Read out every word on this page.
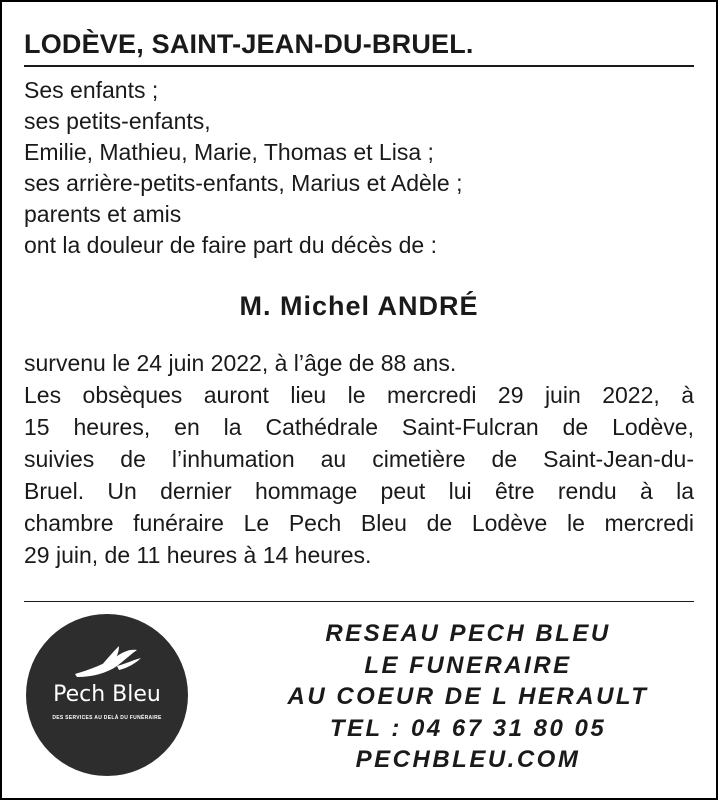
LODÈVE, SAINT-JEAN-DU-BRUEL.
Ses enfants ;
ses petits-enfants,
Emilie, Mathieu, Marie, Thomas et Lisa ;
ses arrière-petits-enfants, Marius et Adèle ;
parents et amis
ont la douleur de faire part du décès de :
M. Michel ANDRÉ
survenu le 24 juin 2022, à l’âge de 88 ans.
Les obsèques auront lieu le mercredi 29 juin 2022, à
15 heures, en la Cathédrale Saint-Fulcran de Lodève,
suivies de l’inhumation au cimetière de Saint-Jean-du-
Bruel. Un dernier hommage peut lui être rendu à la
chambre funéraire Le Pech Bleu de Lodève le mercredi
29 juin, de 11 heures à 14 heures.
Pech Bleu
DES SERVICES AU DELÀ DU FUNÉRAIRE
RESEAU PECH BLEU
LE FUNERAIRE
AU COEUR DE L HERAULT
TEL : 04 67 31 80 05
PECHBLEU.COM
